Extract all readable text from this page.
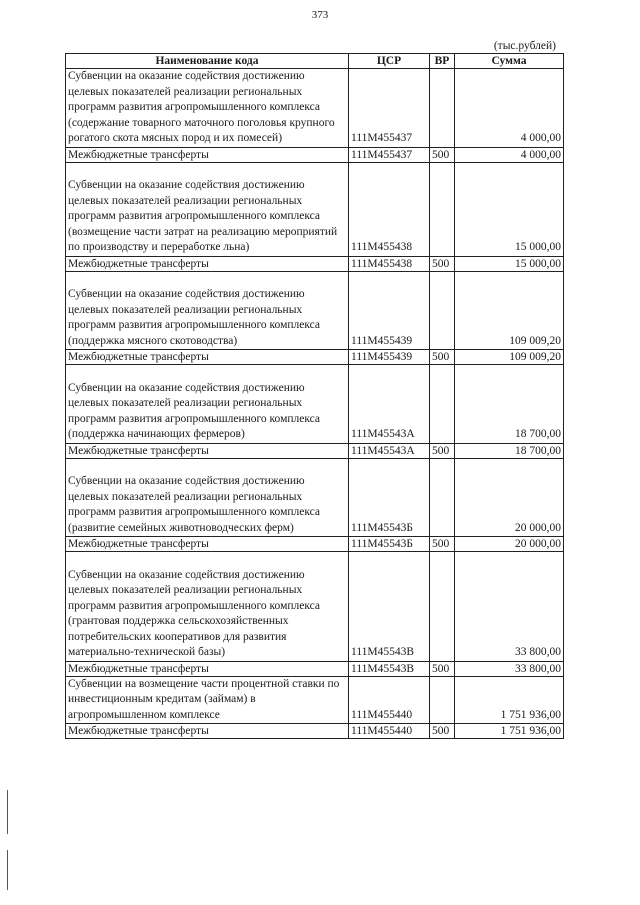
373
(тыс.рублей)
Наименование кода	ЦСР	ВР	Сумма
Субвенции на оказание содействия достижению целевых показателей реализации региональных программ развития агропромышленного комплекса (содержание товарного маточного поголовья крупного рогатого скота мясных пород и их помесей)	111M455437		4 000,00
Межбюджетные трансферты	111M455437	500	4 000,00

Субвенции на оказание содействия достижению целевых показателей реализации региональных программ развития агропромышленного комплекса (возмещение части затрат на реализацию мероприятий по производству и переработке льна)	111M455438		15 000,00
Межбюджетные трансферты	111M455438	500	15 000,00

Субвенции на оказание содействия достижению целевых показателей реализации региональных программ развития агропромышленного комплекса (поддержка мясного скотоводства)	111M455439		109 009,20
Межбюджетные трансферты	111M455439	500	109 009,20

Субвенции на оказание содействия достижению целевых показателей реализации региональных программ развития агропромышленного комплекса (поддержка начинающих фермеров)	111M45543A		18 700,00
Межбюджетные трансферты	111M45543A	500	18 700,00

Субвенции на оказание содействия достижению целевых показателей реализации региональных программ развития агропромышленного комплекса (развитие семейных животноводческих ферм)	111M45543Б		20 000,00
Межбюджетные трансферты	111M45543Б	500	20 000,00

Субвенции на оказание содействия достижению целевых показателей реализации региональных программ развития агропромышленного комплекса (грантовая поддержка сельскохозяйственных потребительских кооперативов для развития материально-технической базы)	111M45543В		33 800,00
Межбюджетные трансферты	111M45543В	500	33 800,00
Субвенции на возмещение части процентной ставки по инвестиционным кредитам (займам) в агропромышленном комплексе	111M455440		1 751 936,00
Межбюджетные трансферты	111M455440	500	1 751 936,00
